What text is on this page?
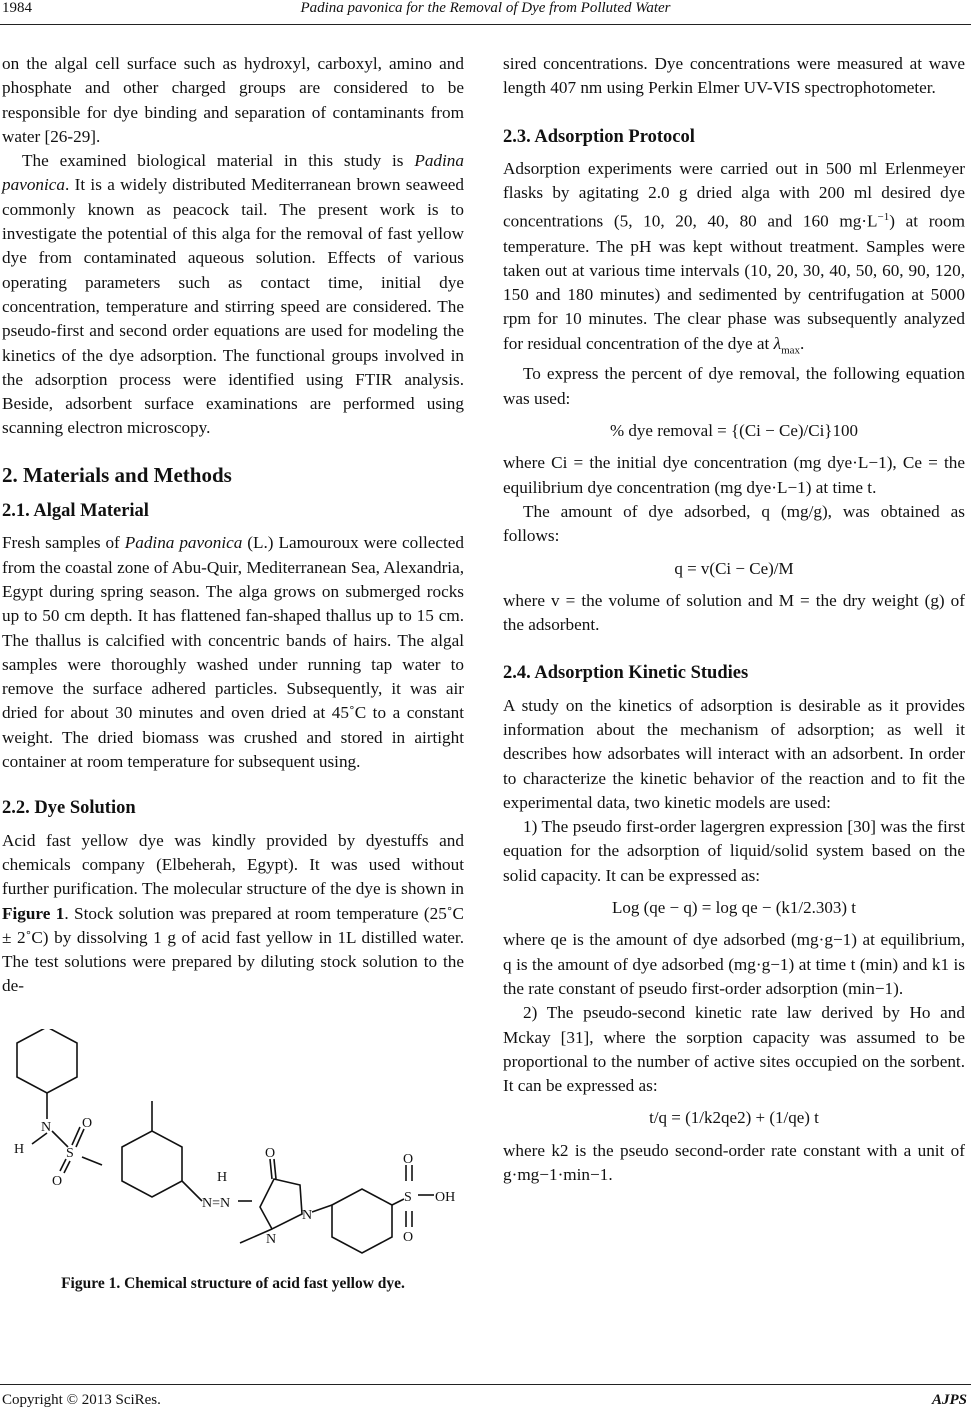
1984	Padina pavonica for the Removal of Dye from Polluted Water

on the algal cell surface such as hydroxyl, carboxyl, amino and phosphate and other charged groups are considered to be responsible for dye binding and separation of contaminants from water [26-29].

The examined biological material in this study is Padina pavonica. It is a widely distributed Mediterranean brown seaweed commonly known as peacock tail. The present work is to investigate the potential of this alga for the removal of fast yellow dye from contaminated aqueous solution. Effects of various operating parameters such as contact time, initial dye concentration, temperature and stirring speed are considered. The pseudo-first and second order equations are used for modeling the kinetics of the dye adsorption. The functional groups involved in the adsorption process were identified using FTIR analysis. Beside, adsorbent surface examinations are performed using scanning electron microscopy.

2. Materials and Methods
2.1. Algal Material

Fresh samples of Padina pavonica (L.) Lamouroux were collected from the coastal zone of Abu-Quir, Mediterranean Sea, Alexandria, Egypt during spring season. The alga grows on submerged rocks up to 50 cm depth. It has flattened fan-shaped thallus up to 15 cm. The thallus is calcified with concentric bands of hairs. The algal samples were thoroughly washed under running tap water to remove the surface adhered particles. Subsequently, it was air dried for about 30 minutes and oven dried at 45˚C to a constant weight. The dried biomass was crushed and stored in airtight container at room temperature for subsequent using.

2.2. Dye Solution

Acid fast yellow dye was kindly provided by dyestuffs and chemicals company (Elbeherah, Egypt). It was used without further purification. The molecular structure of the dye is shown in Figure 1. Stock solution was prepared at room temperature (25˚C ± 2˚C) by dissolving 1 g of acid fast yellow in 1L distilled water. The test solutions were prepared by diluting stock solution to the de-

N
H	S
O
O
N=N
H
O
N
N
S
O
O
OH
Figure 1. Chemical structure of acid fast yellow dye.

sired concentrations. Dye concentrations were measured at wave length 407 nm using Perkin Elmer UV-VIS spectrophotometer.

2.3. Adsorption Protocol

Adsorption experiments were carried out in 500 ml Erlenmeyer flasks by agitating 2.0 g dried alga with 200 ml desired dye concentrations (5, 10, 20, 40, 80 and 160 $mg\cdot L^{-1}$) at room temperature. The pH was kept without treatment. Samples were taken out at various time intervals (10, 20, 30, 40, 50, 60, 90, 120, 150 and 180 minutes) and sedimented by centrifugation at 5000 rpm for 10 minutes. The clear phase was subsequently analyzed for residual concentration of the dye at $\lambda_{max}$.

To express the percent of dye removal, the following equation was used:

% dye removal = {(Ci − Ce)/Ci}100

where Ci = the initial dye concentration (mg dye·L−1), Ce = the equilibrium dye concentration (mg dye·L−1) at time t.

The amount of dye adsorbed, q (mg/g), was obtained as follows:

q = v(Ci − Ce)/M

where v = the volume of solution and M = the dry weight (g) of the adsorbent.

2.4. Adsorption Kinetic Studies

A study on the kinetics of adsorption is desirable as it provides information about the mechanism of adsorption; as well it describes how adsorbates will interact with an adsorbent. In order to characterize the kinetic behavior of the reaction and to fit the experimental data, two kinetic models are used:

1) The pseudo first-order lagergren expression [30] was the first equation for the adsorption of liquid/solid system based on the solid capacity. It can be expressed as:

Log (qe − q) = log qe − (k1/2.303) t

where qe is the amount of dye adsorbed (mg·g−1) at equilibrium, q is the amount of dye adsorbed (mg·g−1) at time t (min) and k1 is the rate constant of pseudo first-order adsorption (min−1).

2) The pseudo-second kinetic rate law derived by Ho and Mckay [31], where the sorption capacity was assumed to be proportional to the number of active sites occupied on the sorbent. It can be expressed as:

t/q = (1/k2qe2) + (1/qe) t

where k2 is the pseudo second-order rate constant with a unit of g·mg−1·min−1.

Copyright © 2013 SciRes.	AJPS
